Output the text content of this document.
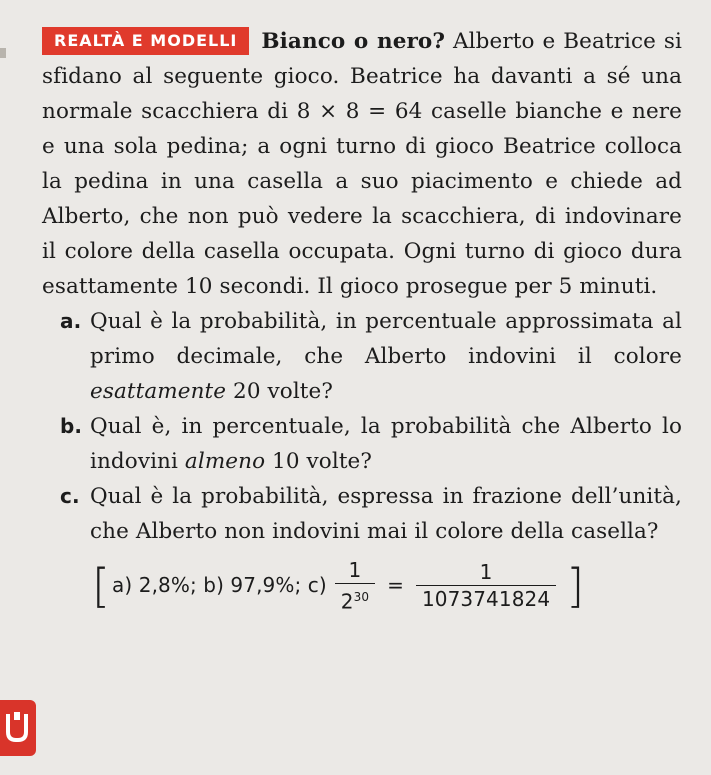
REALTÀ E MODELLI Bianco o nero? Alberto e Beatrice si sfidano al seguente gioco. Beatrice ha davanti a sé una normale scacchiera di 8 × 8 = 64 caselle bianche e nere e una sola pedina; a ogni turno di gioco Beatrice colloca la pedina in una casella a suo piacimento e chiede ad Alberto, che non può vedere la scacchiera, di indovinare il colore della casella occupata. Ogni turno di gioco dura esattamente 10 secondi. Il gioco prosegue per 5 minuti.
a. Qual è la probabilità, in percentuale approssimata al primo decimale, che Alberto indovini il colore esattamente 20 volte?
b. Qual è, in percentuale, la probabilità che Alberto lo indovini almeno 10 volte?
c. Qual è la probabilità, espressa in frazione dell’unità, che Alberto non indovini mai il colore della casella?
[ a) 2,8%; b) 97,9%; $c) \frac{1}{2^{30}} = \frac{1}{1073741824}$ ]
